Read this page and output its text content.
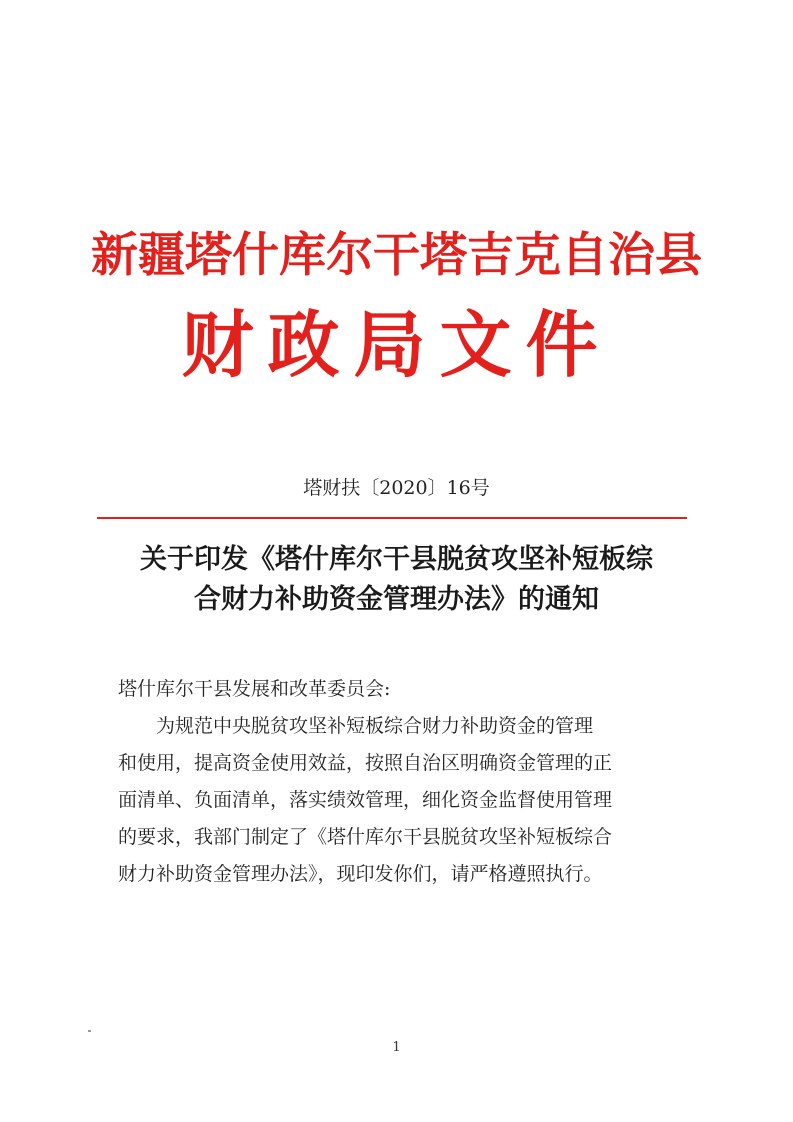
新疆塔什库尔干塔吉克自治县
财政局文件
塔财扶〔2020〕16号
关于印发《塔什库尔干县脱贫攻坚补短板综
合财力补助资金管理办法》的通知
塔什库尔干县发展和改革委员会:
为规范中央脱贫攻坚补短板综合财力补助资金的管理
和使用，提高资金使用效益，按照自治区明确资金管理的正
面清单、负面清单，落实绩效管理，细化资金监督使用管理
的要求，我部门制定了《塔什库尔干县脱贫攻坚补短板综合
财力补助资金管理办法》，现印发你们，请严格遵照执行。
1
